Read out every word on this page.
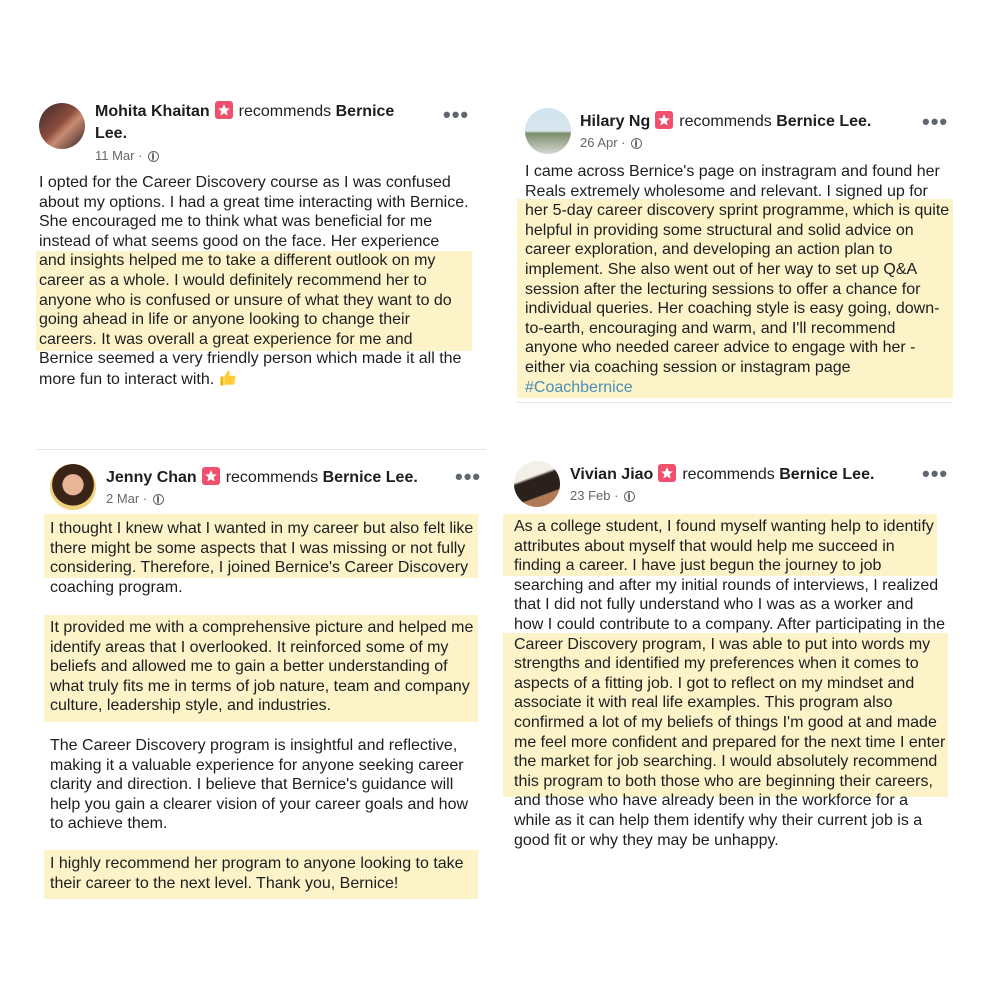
Mohita Khaitan recommends Bernice
Lee.
11 Mar ·
•••
I opted for the Career Discovery course as I was confused about my options. I had a great time interacting with Bernice. She encouraged me to think what was beneficial for me instead of what seems good on the face. Her experience and insights helped me to take a different outlook on my career as a whole. I would definitely recommend her to anyone who is confused or unsure of what they want to do going ahead in life or anyone looking to change their careers. It was overall a great experience for me and Bernice seemed a very friendly person which made it all the more fun to interact with.
Hilary Ng recommends Bernice Lee.
26 Apr ·
•••
I came across Bernice's page on instragram and found her Reals extremely wholesome and relevant. I signed up for her 5-day career discovery sprint programme, which is quite helpful in providing some structural and solid advice on career exploration, and developing an action plan to implement. She also went out of her way to set up Q&A session after the lecturing sessions to offer a chance for individual queries. Her coaching style is easy going, down-to-earth, encouraging and warm, and I'll recommend anyone who needed career advice to engage with her - either via coaching session or instagram page #Coachbernice
Jenny Chan recommends Bernice Lee.
2 Mar ·
•••
I thought I knew what I wanted in my career but also felt like there might be some aspects that I was missing or not fully considering. Therefore, I joined Bernice's Career Discovery coaching program.
It provided me with a comprehensive picture and helped me identify areas that I overlooked. It reinforced some of my beliefs and allowed me to gain a better understanding of what truly fits me in terms of job nature, team and company culture, leadership style, and industries.
The Career Discovery program is insightful and reflective, making it a valuable experience for anyone seeking career clarity and direction. I believe that Bernice's guidance will help you gain a clearer vision of your career goals and how to achieve them.
I highly recommend her program to anyone looking to take their career to the next level. Thank you, Bernice!
Vivian Jiao recommends Bernice Lee.
23 Feb ·
•••
As a college student, I found myself wanting help to identify attributes about myself that would help me succeed in finding a career. I have just begun the journey to job searching and after my initial rounds of interviews, I realized that I did not fully understand who I was as a worker and how I could contribute to a company. After participating in the Career Discovery program, I was able to put into words my strengths and identified my preferences when it comes to aspects of a fitting job. I got to reflect on my mindset and associate it with real life examples. This program also confirmed a lot of my beliefs of things I'm good at and made me feel more confident and prepared for the next time I enter the market for job searching. I would absolutely recommend this program to both those who are beginning their careers, and those who have already been in the workforce for a while as it can help them identify why their current job is a good fit or why they may be unhappy.
